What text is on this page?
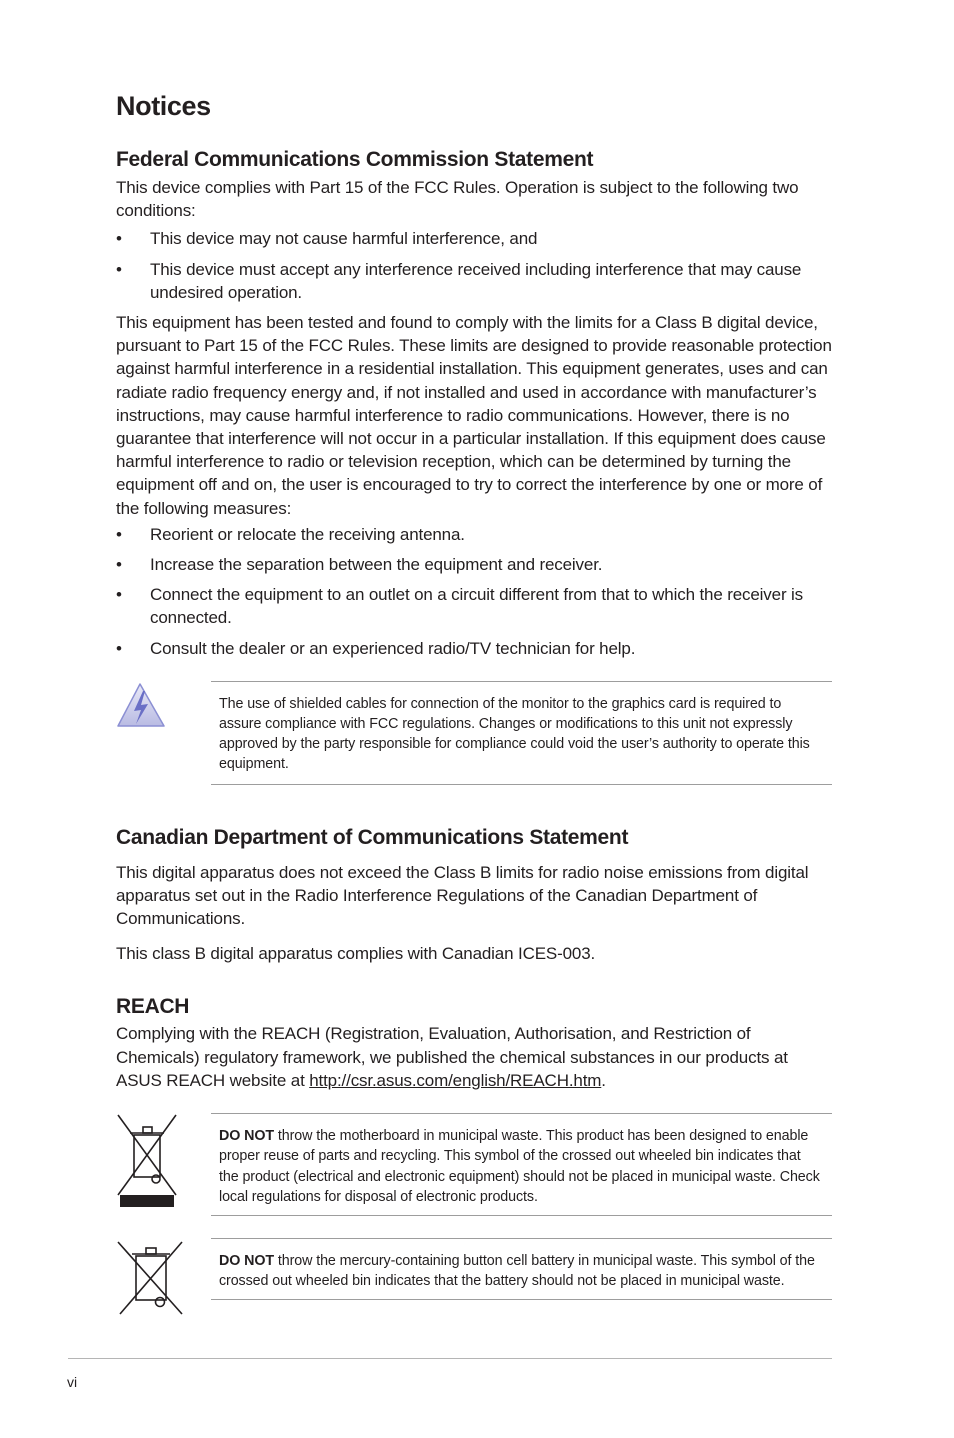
Notices
Federal Communications Commission Statement

This device complies with Part 15 of the FCC Rules. Operation is subject to the following two conditions:

• This device may not cause harmful interference, and
• This device must accept any interference received including interference that may cause undesired operation.

This equipment has been tested and found to comply with the limits for a Class B digital device, pursuant to Part 15 of the FCC Rules. These limits are designed to provide reasonable protection against harmful interference in a residential installation. This equipment generates, uses and can radiate radio frequency energy and, if not installed and used in accordance with manufacturer’s instructions, may cause harmful interference to radio communications. However, there is no guarantee that interference will not occur in a particular installation. If this equipment does cause harmful interference to radio or television reception, which can be determined by turning the equipment off and on, the user is encouraged to try to correct the interference by one or more of the following measures:

• Reorient or relocate the receiving antenna.
• Increase the separation between the equipment and receiver.
• Connect the equipment to an outlet on a circuit different from that to which the receiver is connected.
• Consult the dealer or an experienced radio/TV technician for help.
The use of shielded cables for connection of the monitor to the graphics card is required to assure compliance with FCC regulations. Changes or modifications to this unit not expressly approved by the party responsible for compliance could void the user’s authority to operate this equipment.
Canadian Department of Communications Statement

This digital apparatus does not exceed the Class B limits for radio noise emissions from digital apparatus set out in the Radio Interference Regulations of the Canadian Department of Communications.

This class B digital apparatus complies with Canadian ICES-003.

REACH

Complying with the REACH (Registration, Evaluation, Authorisation, and Restriction of Chemicals) regulatory framework, we published the chemical substances in our products at ASUS REACH website at http://csr.asus.com/english/REACH.htm.

DO NOT throw the motherboard in municipal waste. This product has been designed to enable proper reuse of parts and recycling. This symbol of the crossed out wheeled bin indicates that the product (electrical and electronic equipment) should not be placed in municipal waste. Check local regulations for disposal of electronic products.
DO NOT throw the mercury-containing button cell battery in municipal waste. This symbol of the crossed out wheeled bin indicates that the battery should not be placed in municipal waste.
vi
